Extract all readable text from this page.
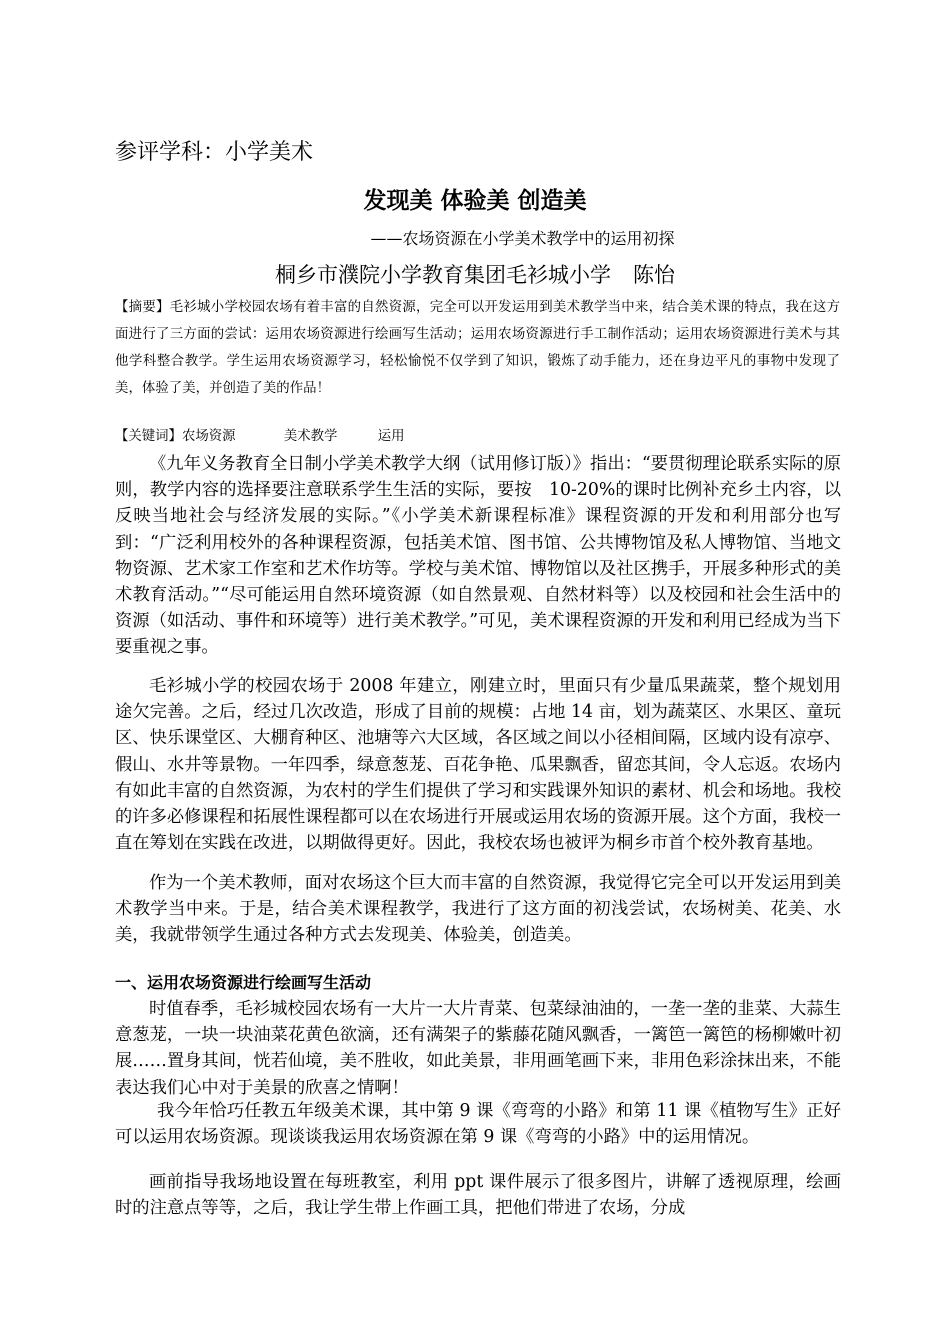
参评学科：小学美术
发现美 体验美 创造美
——农场资源在小学美术教学中的运用初探
桐乡市濮院小学教育集团毛衫城小学 陈怡
【摘要】毛衫城小学校园农场有着丰富的自然资源，完全可以开发运用到美术教学当中来，结合美术课的特点，我在这方面进行了三方面的尝试：运用农场资源进行绘画写生活动；运用农场资源进行手工制作活动；运用农场资源进行美术与其他学科整合教学。学生运用农场资源学习，轻松愉悦不仅学到了知识，锻炼了动手能力，还在身边平凡的事物中发现了美，体验了美，并创造了美的作品！
【关键词】农场资源	美术教学	运用

《九年义务教育全日制小学美术教学大纲（试用修订版）》指出：“要贯彻理论联系实际的原则，教学内容的选择要注意联系学生生活的实际，要按　10-20%的课时比例补充乡土内容，以反映当地社会与经济发展的实际。”《小学美术新课程标准》课程资源的开发和利用部分也写到：“广泛利用校外的各种课程资源，包括美术馆、图书馆、公共博物馆及私人博物馆、当地文物资源、艺术家工作室和艺术作坊等。学校与美术馆、博物馆以及社区携手，开展多种形式的美术教育活动。”“尽可能运用自然环境资源（如自然景观、自然材料等）以及校园和社会生活中的资源（如活动、事件和环境等）进行美术教学。”可见，美术课程资源的开发和利用已经成为当下要重视之事。

毛衫城小学的校园农场于 2008 年建立，刚建立时，里面只有少量瓜果蔬菜，整个规划用途欠完善。之后，经过几次改造，形成了目前的规模：占地 14 亩，划为蔬菜区、水果区、童玩区、快乐课堂区、大棚育种区、池塘等六大区域，各区域之间以小径相间隔，区域内设有凉亭、假山、水井等景物。一年四季，绿意葱茏、百花争艳、瓜果飘香，留恋其间，令人忘返。农场内有如此丰富的自然资源，为农村的学生们提供了学习和实践课外知识的素材、机会和场地。我校的许多必修课程和拓展性课程都可以在农场进行开展或运用农场的资源开展。这个方面，我校一直在筹划在实践在改进，以期做得更好。因此，我校农场也被评为桐乡市首个校外教育基地。

作为一个美术教师，面对农场这个巨大而丰富的自然资源，我觉得它完全可以开发运用到美术教学当中来。于是，结合美术课程教学，我进行了这方面的初浅尝试，农场树美、花美、水美，我就带领学生通过各种方式去发现美、体验美，创造美。

一、运用农场资源进行绘画写生活动

时值春季，毛衫城校园农场有一大片一大片青菜、包菜绿油油的，一垄一垄的韭菜、大蒜生意葱茏，一块一块油菜花黄色欲滴，还有满架子的紫藤花随风飘香，一篱笆一篱笆的杨柳嫩叶初展……置身其间，恍若仙境，美不胜收，如此美景，非用画笔画下来，非用色彩涂抹出来，不能表达我们心中对于美景的欣喜之情啊！

我今年恰巧任教五年级美术课，其中第 9 课《弯弯的小路》和第 11 课《植物写生》正好可以运用农场资源。现谈谈我运用农场资源在第 9 课《弯弯的小路》中的运用情况。

画前指导我场地设置在每班教室，利用 ppt 课件展示了很多图片，讲解了透视原理，绘画时的注意点等等，之后，我让学生带上作画工具，把他们带进了农场，分成
